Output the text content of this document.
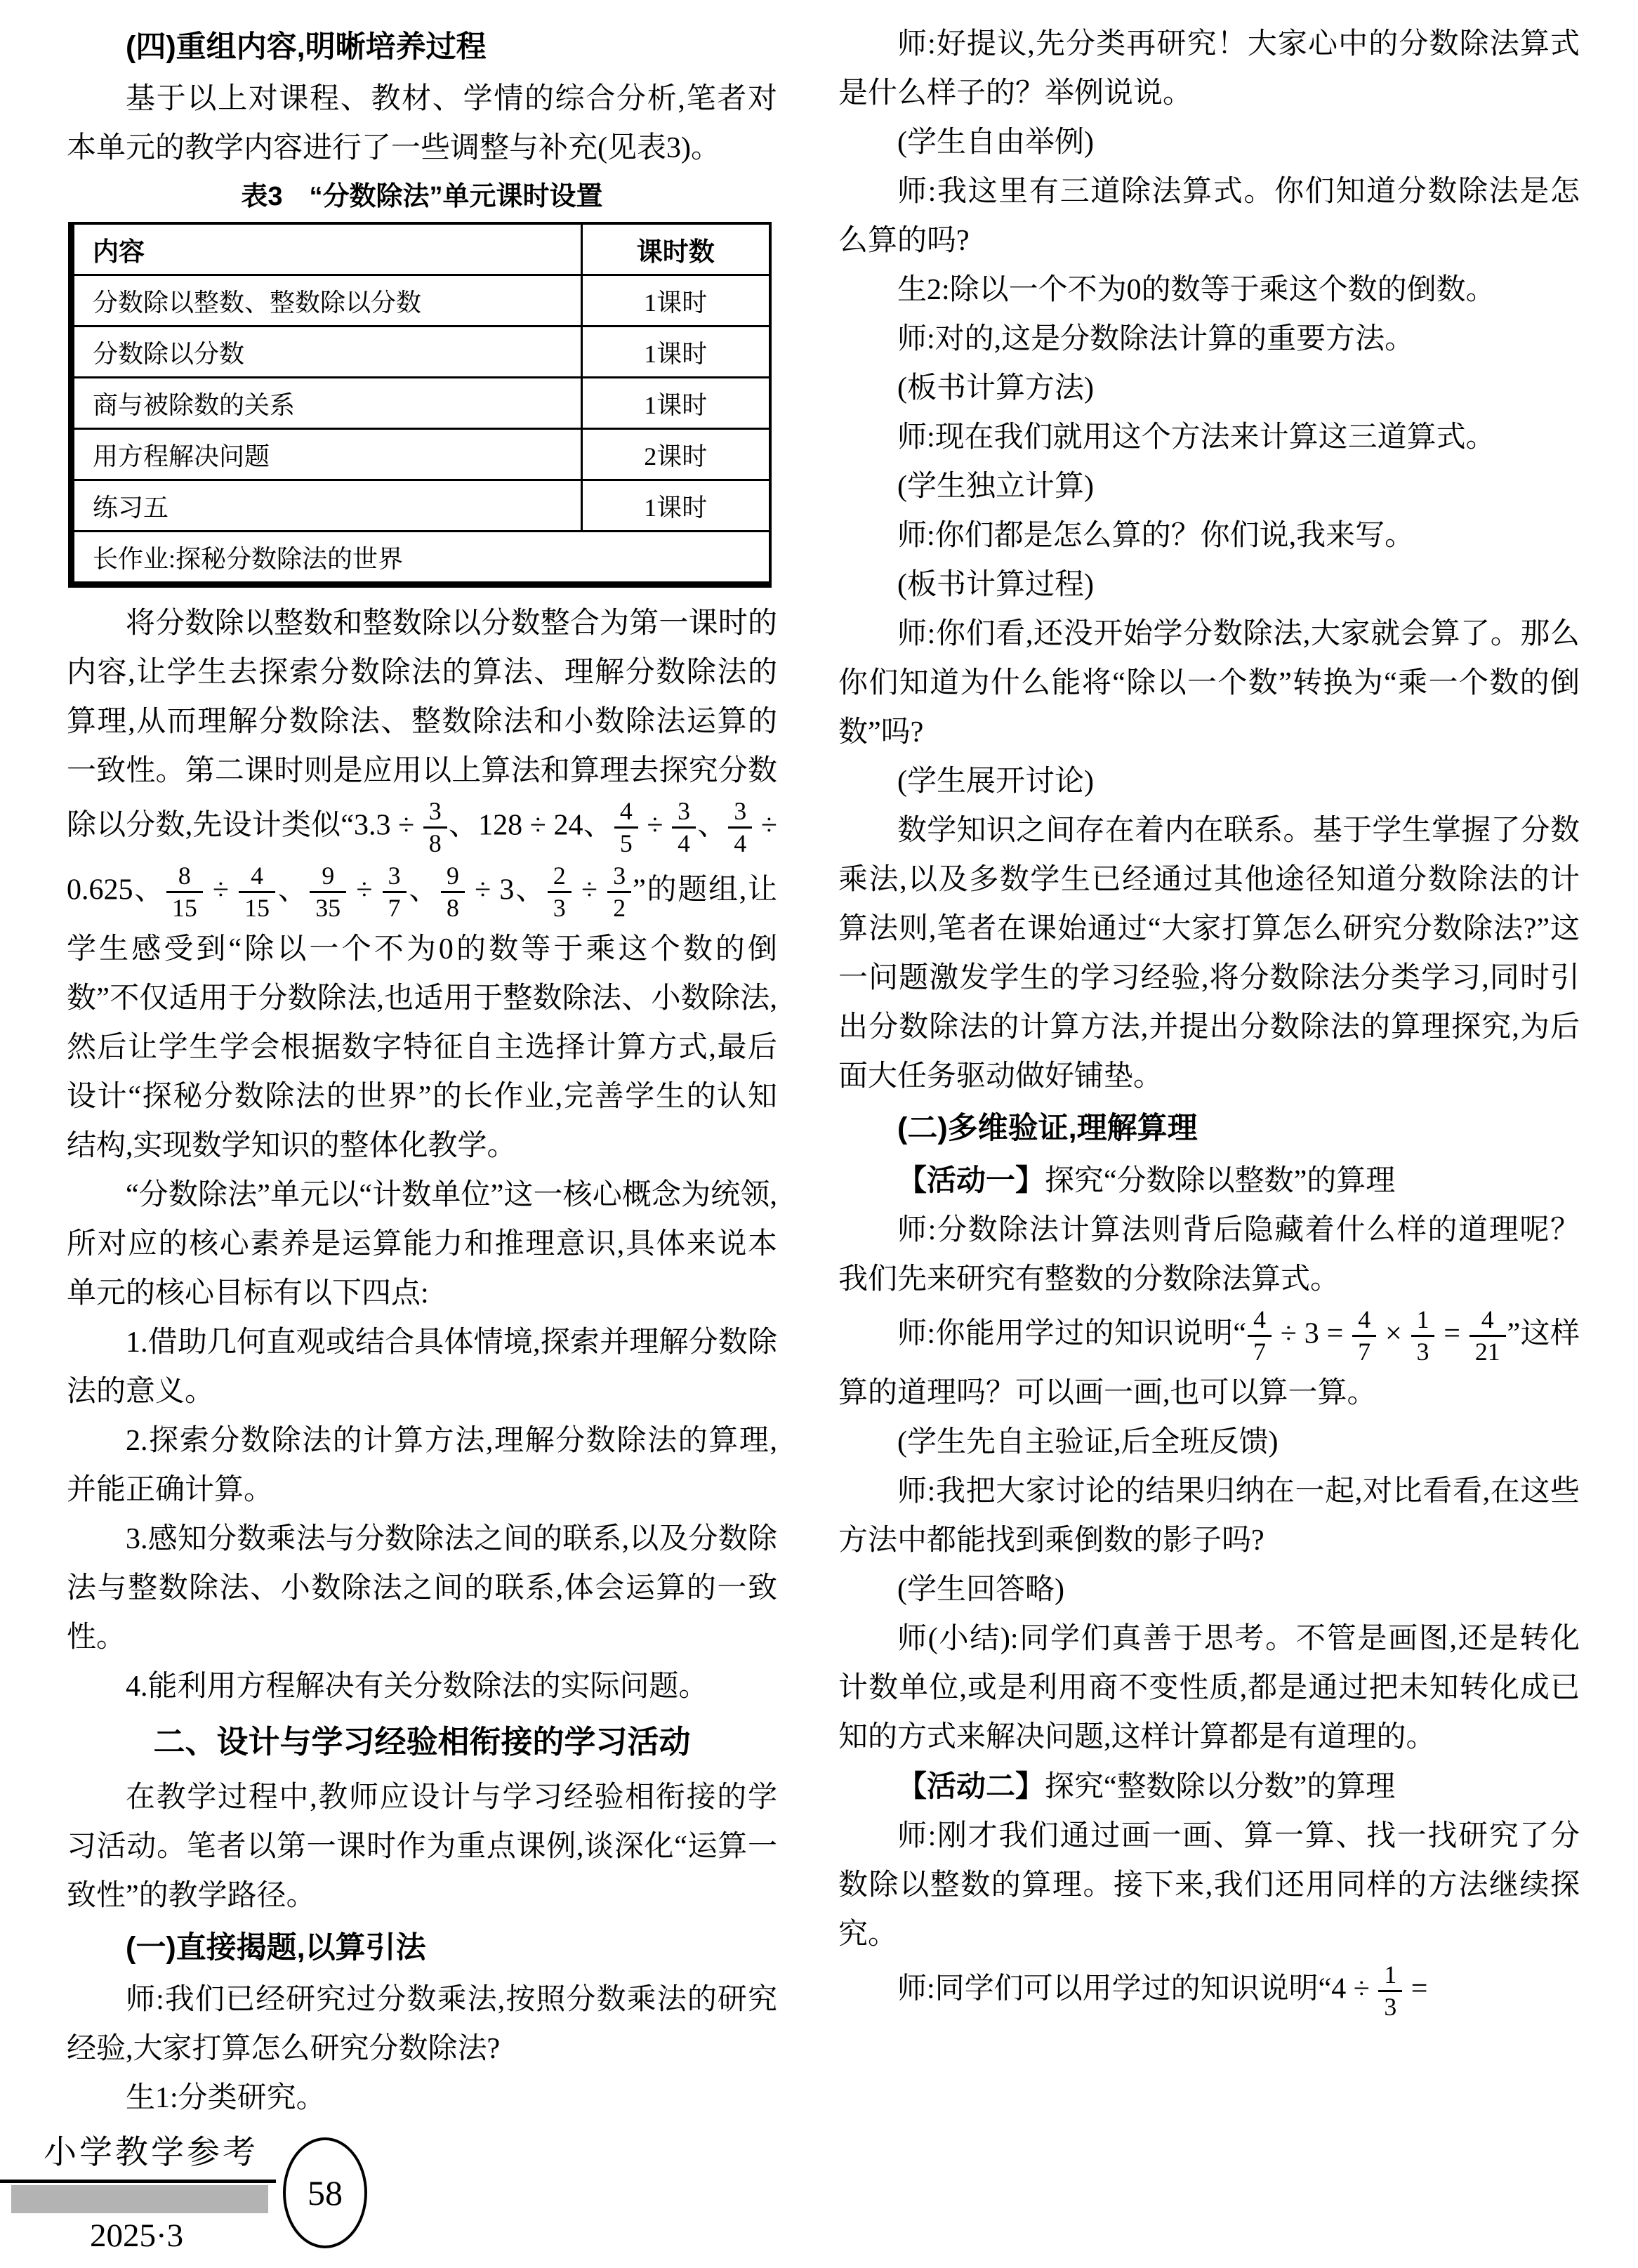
(四)重组内容,明晰培养过程

基于以上对课程、教材、学情的综合分析,笔者对本单元的教学内容进行了一些调整与补充(见表3)。

表3　“分数除法”单元课时设置

内容	课时数
分数除以整数、整数除以分数	1课时
分数除以分数	1课时
商与被除数的关系	1课时
用方程解决问题	2课时
练习五	1课时
长作业:探秘分数除法的世界	

将分数除以整数和整数除以分数整合为第一课时的内容,让学生去探索分数除法的算法、理解分数除法的算理,从而理解分数除法、整数除法和小数除法运算的一致性。第二课时则是应用以上算法和算理去探究分数除以分数,先设计类似“$3.3 \div \frac{3}{8}$ 、128 ÷ 24、 $\frac{4}{5} \div \frac{3}{4}$ 、 $\frac{3}{4} \div 0.625$、 $\frac{8}{15} \div \frac{4}{15}$ 、 $\frac{9}{35} \div \frac{3}{7}$ 、 $\frac{9}{8} \div 3$、 $\frac{2}{3} \div \frac{3}{2}$ ”的题组,让学生感受到“除以一个不为0的数等于乘这个数的倒数”不仅适用于分数除法,也适用于整数除法、小数除法,然后让学生学会根据数字特征自主选择计算方式,最后设计“探秘分数除法的世界”的长作业,完善学生的认知结构,实现数学知识的整体化教学。

“分数除法”单元以“计数单位”这一核心概念为统领,所对应的核心素养是运算能力和推理意识,具体来说本单元的核心目标有以下四点:

1.借助几何直观或结合具体情境,探索并理解分数除法的意义。

2.探索分数除法的计算方法,理解分数除法的算理,并能正确计算。

3.感知分数乘法与分数除法之间的联系,以及分数除法与整数除法、小数除法之间的联系,体会运算的一致性。

4.能利用方程解决有关分数除法的实际问题。

二、设计与学习经验相衔接的学习活动

在教学过程中,教师应设计与学习经验相衔接的学习活动。笔者以第一课时作为重点课例,谈深化“运算一致性”的教学路径。

(一)直接揭题,以算引法

师:我们已经研究过分数乘法,按照分数乘法的研究经验,大家打算怎么研究分数除法?

生1:分类研究。

师:好提议,先分类再研究！大家心中的分数除法算式是什么样子的？举例说说。

(学生自由举例)

师:我这里有三道除法算式。你们知道分数除法是怎么算的吗?

生2:除以一个不为0的数等于乘这个数的倒数。

师:对的,这是分数除法计算的重要方法。

(板书计算方法)

师:现在我们就用这个方法来计算这三道算式。

(学生独立计算)

师:你们都是怎么算的？你们说,我来写。

(板书计算过程)

师:你们看,还没开始学分数除法,大家就会算了。那么你们知道为什么能将“除以一个数”转换为“乘一个数的倒数”吗?

(学生展开讨论)

数学知识之间存在着内在联系。基于学生掌握了分数乘法,以及多数学生已经通过其他途径知道分数除法的计算法则,笔者在课始通过“大家打算怎么研究分数除法?”这一问题激发学生的学习经验,将分数除法分类学习,同时引出分数除法的计算方法,并提出分数除法的算理探究,为后面大任务驱动做好铺垫。

(二)多维验证,理解算理

【活动一】探究“分数除以整数”的算理

师:分数除法计算法则背后隐藏着什么样的道理呢？我们先来研究有整数的分数除法算式。

师:你能用学过的知识说明“ $\frac{4}{7} \div 3 = \frac{4}{7} \times \frac{1}{3} = \frac{4}{21}$ ”这样算的道理吗？可以画一画,也可以算一算。

(学生先自主验证,后全班反馈)

师:我把大家讨论的结果归纳在一起,对比看看,在这些方法中都能找到乘倒数的影子吗?

(学生回答略)

师(小结):同学们真善于思考。不管是画图,还是转化计数单位,或是利用商不变性质,都是通过把未知转化成已知的方式来解决问题,这样计算都是有道理的。

【活动二】探究“整数除以分数”的算理

师:刚才我们通过画一画、算一算、找一找研究了分数除以整数的算理。接下来,我们还用同样的方法继续探究。

师:同学们可以用学过的知识说明“$4 \div \frac{1}{3}$ =

小学教学参考
2025·3
58
